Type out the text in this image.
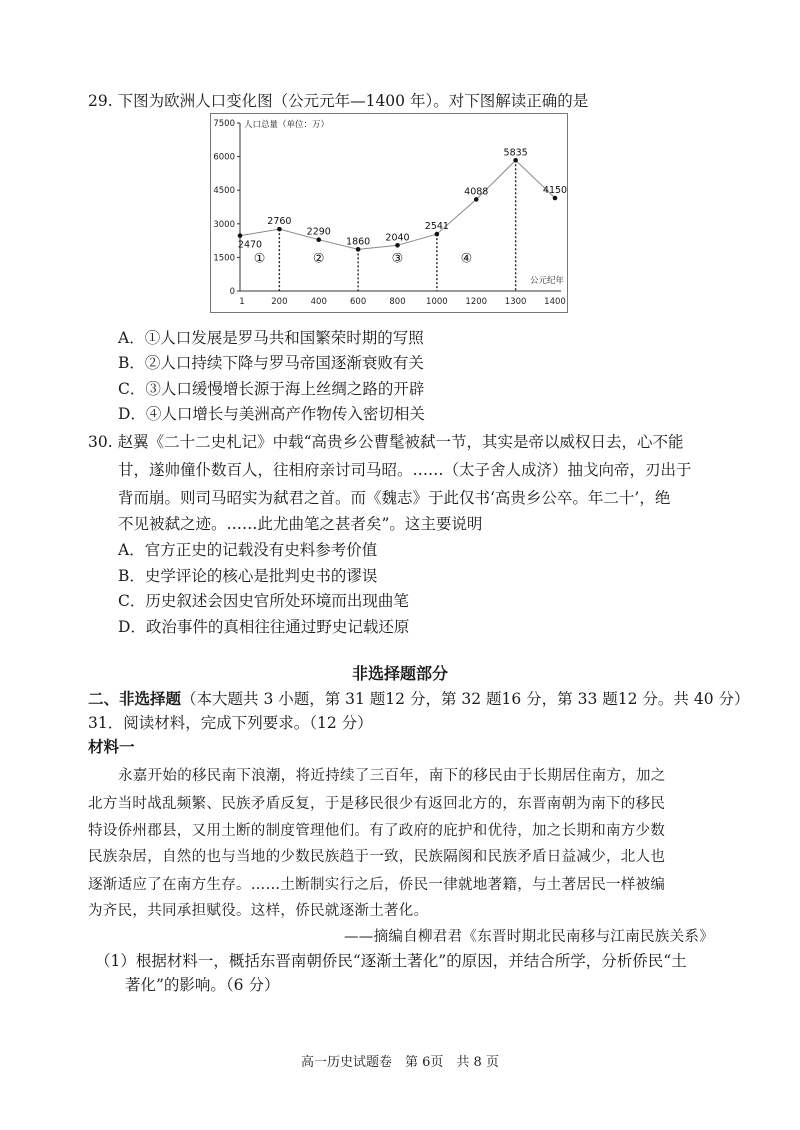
29. 下图为欧洲人口变化图（公元元年—1400 年）。对下图解读正确的是
0
1500
3000
4500
6000
7500
1	200	400	600	800 1000 1200 1300 1400
人口总量（单位：万）
公元纪年
2470
2760
2290
1860 2040
2541
4088
5835
4150
①	②	③	④
A．①人口发展是罗马共和国繁荣时期的写照
B．②人口持续下降与罗马帝国逐渐衰败有关
C．③人口缓慢增长源于海上丝绸之路的开辟
D．④人口增长与美洲高产作物传入密切相关
30. 赵翼《二十二史札记》中载“高贵乡公曹髦被弑一节，其实是帝以威权日去，心不能
甘，遂帅僮仆数百人，往相府亲讨司马昭。……（太子舍人成济）抽戈向帝，刃出于
背而崩。则司马昭实为弑君之首。而《魏志》于此仅书‘高贵乡公卒。年二十’，绝
不见被弑之迹。……此尤曲笔之甚者矣”。这主要说明
A．官方正史的记载没有史料参考价值
B．史学评论的核心是批判史书的谬误
C．历史叙述会因史官所处环境而出现曲笔
D．政治事件的真相往往通过野史记载还原
非选择题部分
二、非选择题（本大题共 3 小题，第 31 题12 分，第 32 题16 分，第 33 题12 分。共 40 分）
31．阅读材料，完成下列要求。（12 分）
材料一
永嘉开始的移民南下浪潮，将近持续了三百年，南下的移民由于长期居住南方，加之
北方当时战乱频繁、民族矛盾反复，于是移民很少有返回北方的，东晋南朝为南下的移民
特设侨州郡县，又用土断的制度管理他们。有了政府的庇护和优待，加之长期和南方少数
民族杂居，自然的也与当地的少数民族趋于一致，民族隔阂和民族矛盾日益减少，北人也
逐渐适应了在南方生存。……土断制实行之后，侨民一律就地著籍，与土著居民一样被编
为齐民，共同承担赋役。这样，侨民就逐渐土著化。
——摘编自柳君君《东晋时期北民南移与江南民族关系》
（1）根据材料一，概括东晋南朝侨民“逐渐土著化”的原因，并结合所学，分析侨民“土
著化”的影响。（6 分）
高一历史试题卷　第 6页　共 8 页
